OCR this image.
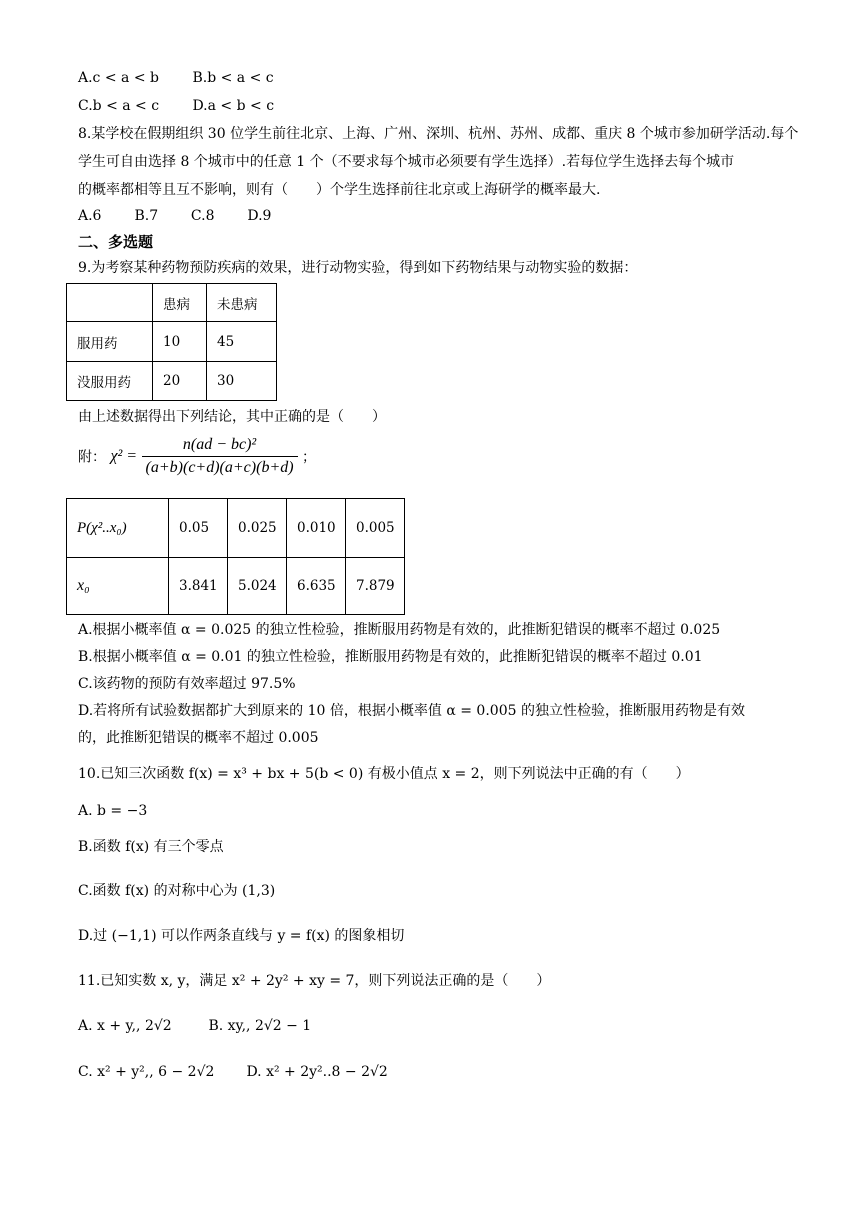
A.c < a < b B.b < a < c
C.b < a < c D.a < b < c
8.某学校在假期组织 30 位学生前往北京、上海、广州、深圳、杭州、苏州、成都、重庆 8 个城市参加研学活动.每个
学生可自由选择 8 个城市中的任意 1 个（不要求每个城市必须要有学生选择）.若每位学生选择去每个城市
的概率都相等且互不影响，则有（　　）个学生选择前往北京或上海研学的概率最大.
A.6 B.7 C.8 D.9
二、多选题
9.为考察某种药物预防疾病的效果，进行动物实验，得到如下药物结果与动物实验的数据：
	患病	未患病
服用药	10	45
没服用药	20	30
由上述数据得出下列结论，其中正确的是（　　）
附： $\chi^2 = \frac{\text{n(ad − bc)²}}{(a+b)(c+d)(a+c)(b+d)}$ ；
P(χ²..x₀)	0.05	0.025	0.010	0.005
x₀	3.841	5.024	6.635	7.879
A.根据小概率值 α = 0.025 的独立性检验，推断服用药物是有效的，此推断犯错误的概率不超过 0.025
B.根据小概率值 α = 0.01 的独立性检验，推断服用药物是有效的，此推断犯错误的概率不超过 0.01
C.该药物的预防有效率超过 97.5%
D.若将所有试验数据都扩大到原来的 10 倍，根据小概率值 α = 0.005 的独立性检验，推断服用药物是有效
的，此推断犯错误的概率不超过 0.005
10.已知三次函数 f(x) = x³ + bx + 5(b < 0) 有极小值点 x = 2，则下列说法中正确的有（　　）
A. b = −3
B.函数 f(x) 有三个零点
C.函数 f(x) 的对称中心为 (1,3)
D.过 (−1,1) 可以作两条直线与 y = f(x) 的图象相切
11.已知实数 x, y，满足 x² + 2y² + xy = 7，则下列说法正确的是（　　）
A. x + y,, 2√2	B. xy,, 2√2 − 1
C. x² + y²,, 6 − 2√2 D. x² + 2y²..8 − 2√2
